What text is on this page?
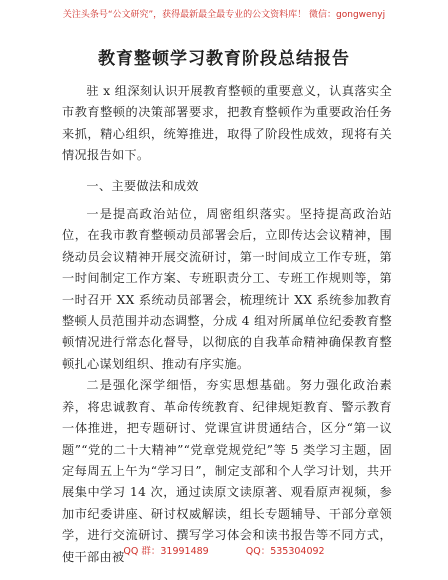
关注头条号“公文研究”，获得最新最全最专业的公文资料库！ 微信：gongwenyj
教育整顿学习教育阶段总结报告

驻 x 组深刻认识开展教育整顿的重要意义，认真落实全市教育整顿的决策部署要求，把教育整顿作为重要政治任务来抓，精心组织，统筹推进，取得了阶段性成效，现将有关情况报告如下。

一、主要做法和成效

一是提高政治站位，周密组织落实。坚持提高政治站位，在我市教育整顿动员部署会后，立即传达会议精神，围绕动员会议精神开展交流研讨，第一时间成立工作专班，第一时间制定工作方案、专班职责分工、专班工作规则等，第一时召开 XX 系统动员部署会，梳理统计 XX 系统参加教育整顿人员范围并动态调整，分成 4 组对所属单位纪委教育整顿情况进行常态化督导，以彻底的自我革命精神确保教育整顿扎心谋划组织、推动有序实施。

二是强化深学细悟，夯实思想基础。努力强化政治素养，将忠诚教育、革命传统教育、纪律规矩教育、警示教育一体推进，把专题研讨、党课宣讲贯通结合，区分“第一议题”“党的二十大精神”“党章党规党纪”等 5 类学习主题，固定每周五上午为“学习日”，制定支部和个人学习计划，共开展集中学习 14 次，通过读原文读原著、观看原声视频，参加市纪委讲座、研讨权威解读，组长专题辅导、干部分章领学，进行交流研讨、撰写学习体会和读书报告等不同方式，使干部由被

QQ 群：31991489	QQ：535304092
